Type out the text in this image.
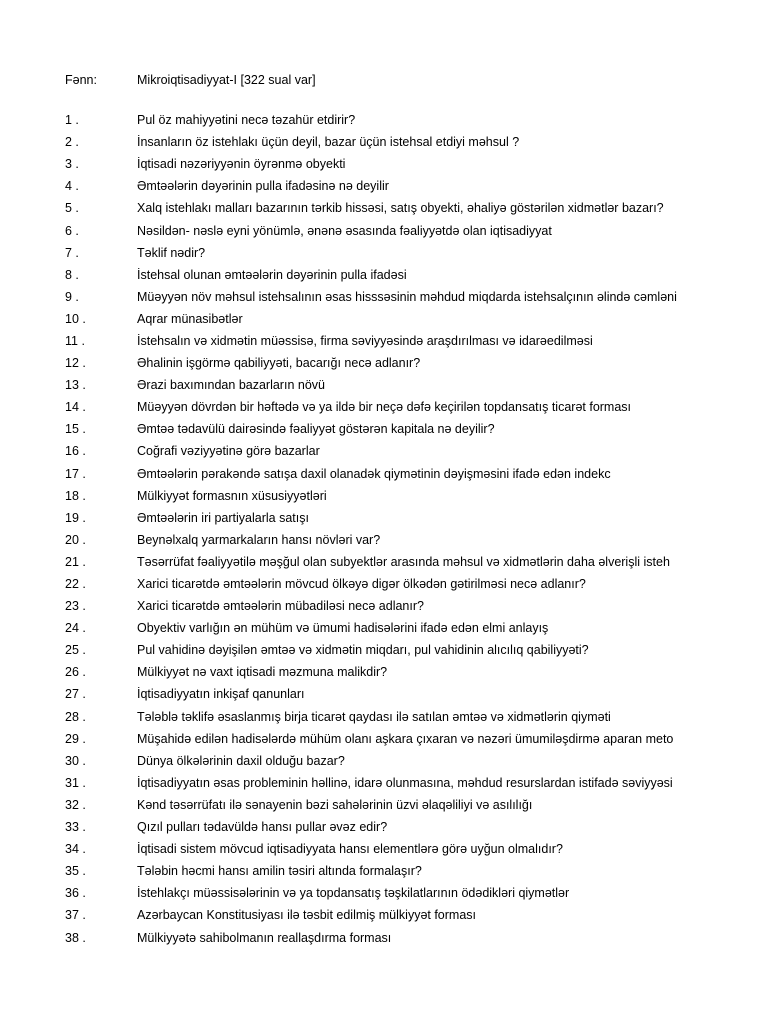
Fənn:	Mikroiqtisadiyyat-I [322 sual var]
1 .	Pul öz mahiyyətini necə təzahür etdirir?
2 .	İnsanların öz istehlakı üçün deyil, bazar üçün istehsal etdiyi məhsul ?
3 .	İqtisadi nəzəriyyənin öyrənmə obyekti
4 .	Əmtəələrin dəyərinin pulla ifadəsinə nə deyilir
5 .	Xalq istehlakı malları bazarının tərkib hissəsi, satış obyekti, əhaliyə göstərilən xidmətlər bazarı?
6 .	Nəsildən- nəslə eyni yönümlə, ənənə əsasında fəaliyyətdə olan iqtisadiyyat
7 .	Təklif nədir?
8 .	İstehsal olunan əmtəələrin dəyərinin pulla ifadəsi
9 .	Müəyyən növ məhsul istehsalının əsas hisssəsinin məhdud miqdarda istehsalçının əlində cəmləni
10 .	Aqrar münasibətlər
11 .	İstehsalın və xidmətin müəssisə, firma səviyyəsində araşdırılması və idarəedilməsi
12 .	Əhalinin işgörmə qabiliyyəti, bacarığı necə adlanır?
13 .	Ərazi baxımından bazarların növü
14 .	Müəyyən dövrdən bir həftədə və ya ildə bir neçə dəfə keçirilən topdansatış ticarət forması
15 .	Əmtəə tədavülü dairəsində fəaliyyət göstərən kapitala nə deyilir?
16 .	Coğrafi vəziyyətinə görə bazarlar
17 .	Əmtəələrin pərakəndə satışa daxil olanadək qiymətinin dəyişməsini ifadə edən indekc
18 .	Mülkiyyət formasnın xüsusiyyətləri
19 .	Əmtəələrin iri partiyalarla satışı
20 .	Beynəlxalq yarmarkaların hansı növləri var?
21 .	Təsərrüfat fəaliyyətilə məşğul olan subyektlər arasında məhsul və xidmətlərin daha əlverişli isteh
22 .	Xarici ticarətdə əmtəələrin mövcud ölkəyə digər ölkədən gətirilməsi necə adlanır?
23 .	Xarici ticarətdə əmtəələrin mübadiləsi necə adlanır?
24 .	Obyektiv varlığın ən mühüm və ümumi hadisələrini ifadə edən elmi anlayış
25 .	Pul vahidinə dəyişilən əmtəə və xidmətin miqdarı, pul vahidinin alıcılıq qabiliyyəti?
26 .	Mülkiyyət nə vaxt iqtisadi məzmuna malikdir?
27 .	İqtisadiyyatın inkişaf qanunları
28 .	Tələblə təklifə əsaslanmış birja ticarət qaydası ilə satılan əmtəə və xidmətlərin qiyməti
29 .	Müşahidə edilən hadisələrdə mühüm olanı aşkara çıxaran və nəzəri ümumiləşdirmə aparan meto
30 .	Dünya ölkələrinin daxil olduğu bazar?
31 .	İqtisadiyyatın əsas probleminin həllinə, idarə olunmasına, məhdud resurslardan istifadə səviyyəsi
32 .	Kənd təsərrüfatı ilə sənayenin bəzi sahələrinin üzvi əlaqəliliyi və asılılığı
33 .	Qızıl pulları tədavüldə hansı pullar əvəz edir?
34 .	İqtisadi sistem mövcud iqtisadiyyata hansı elementlərə görə uyğun olmalıdır?
35 .	Tələbin həcmi hansı amilin təsiri altında formalaşır?
36 .	İstehlakçı müəssisələrinin və ya topdansatış təşkilatlarının ödədikləri qiymətlər
37 .	Azərbaycan Konstitusiyası ilə təsbit edilmiş mülkiyyət forması
38 .	Mülkiyyətə sahibolmanın reallaşdırma forması
